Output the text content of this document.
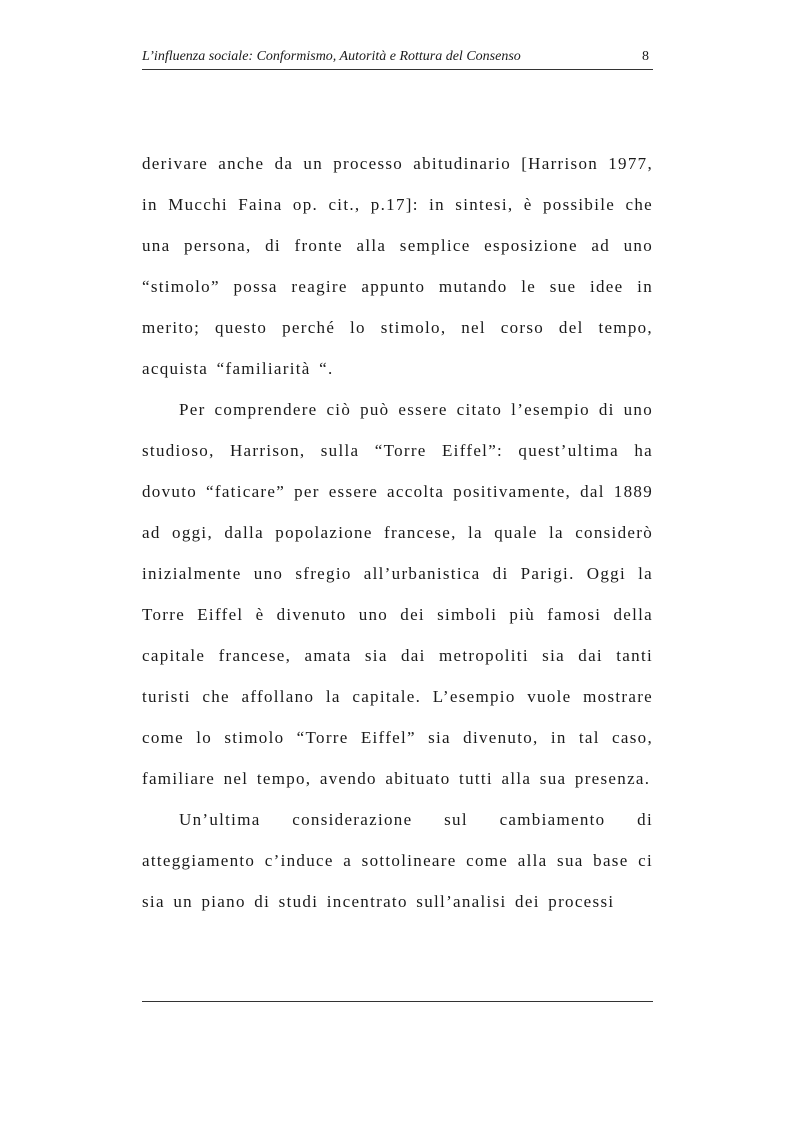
L’influenza sociale: Conformismo, Autorità e Rottura del Consenso	8

derivare anche da un processo abitudinario [Harrison 1977, in Mucchi Faina op. cit., p.17]: in sintesi, è possibile che una persona, di fronte alla semplice esposizione ad uno “stimolo” possa reagire appunto mutando le sue idee in merito; questo perché lo stimolo, nel corso del tempo, acquista “familiarità “.

Per comprendere ciò può essere citato l’esempio di uno studioso, Harrison, sulla “Torre Eiffel”: quest’ultima ha dovuto “faticare” per essere accolta positivamente, dal 1889 ad oggi, dalla popolazione francese, la quale la considerò inizialmente uno sfregio all’urbanistica di Parigi. Oggi la Torre Eiffel è divenuto uno dei simboli più famosi della capitale francese, amata sia dai metropoliti sia dai tanti turisti che affollano la capitale. L’esempio vuole mostrare come lo stimolo “Torre Eiffel” sia divenuto, in tal caso, familiare nel tempo, avendo abituato tutti alla sua presenza.

Un’ultima considerazione sul cambiamento di atteggiamento c’induce a sottolineare come alla sua base ci sia un piano di studi incentrato sull’analisi dei processi
